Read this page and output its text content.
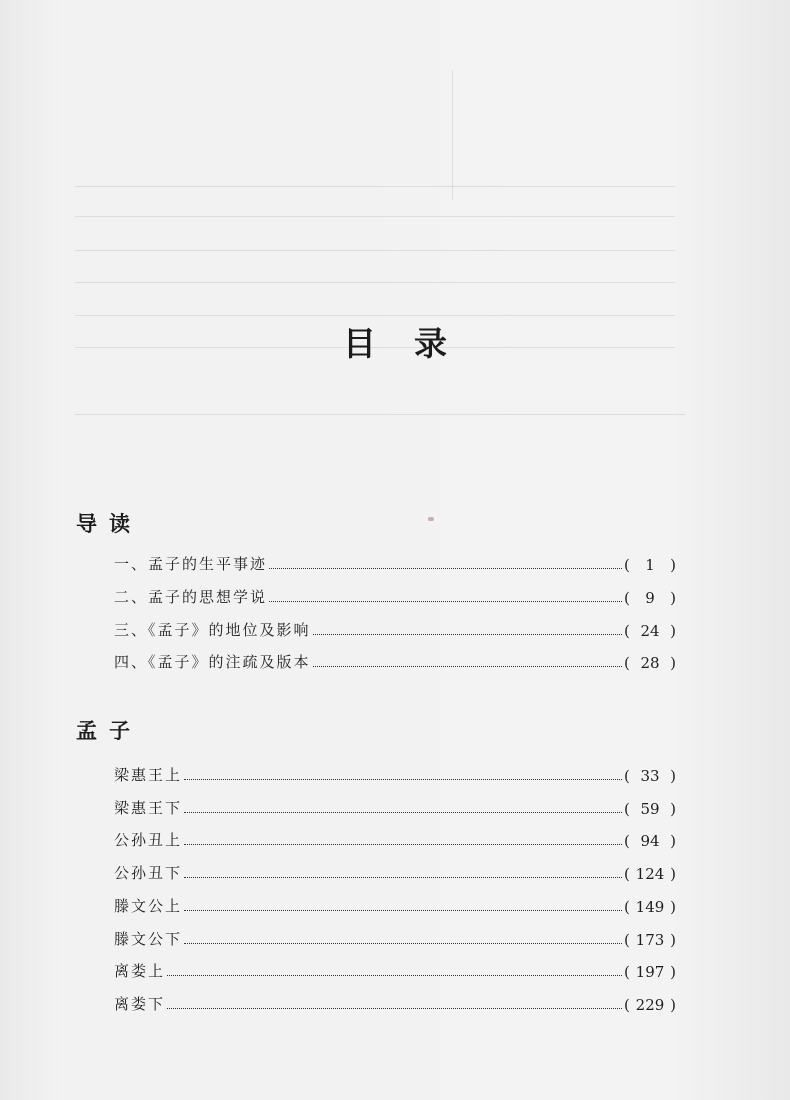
目录
导读
一、孟子的生平事迹	(	1	)
二、孟子的思想学说	(	9	)
三、《孟子》的地位及影响	( 24 )
四、《孟子》的注疏及版本	( 28 )
孟子
梁惠王上	( 33 )
梁惠王下	( 59 )
公孙丑上	( 94 )
公孙丑下	( 124 )
滕文公上	( 149 )
滕文公下	( 173 )
离娄上	( 197 )
离娄下	( 229 )
